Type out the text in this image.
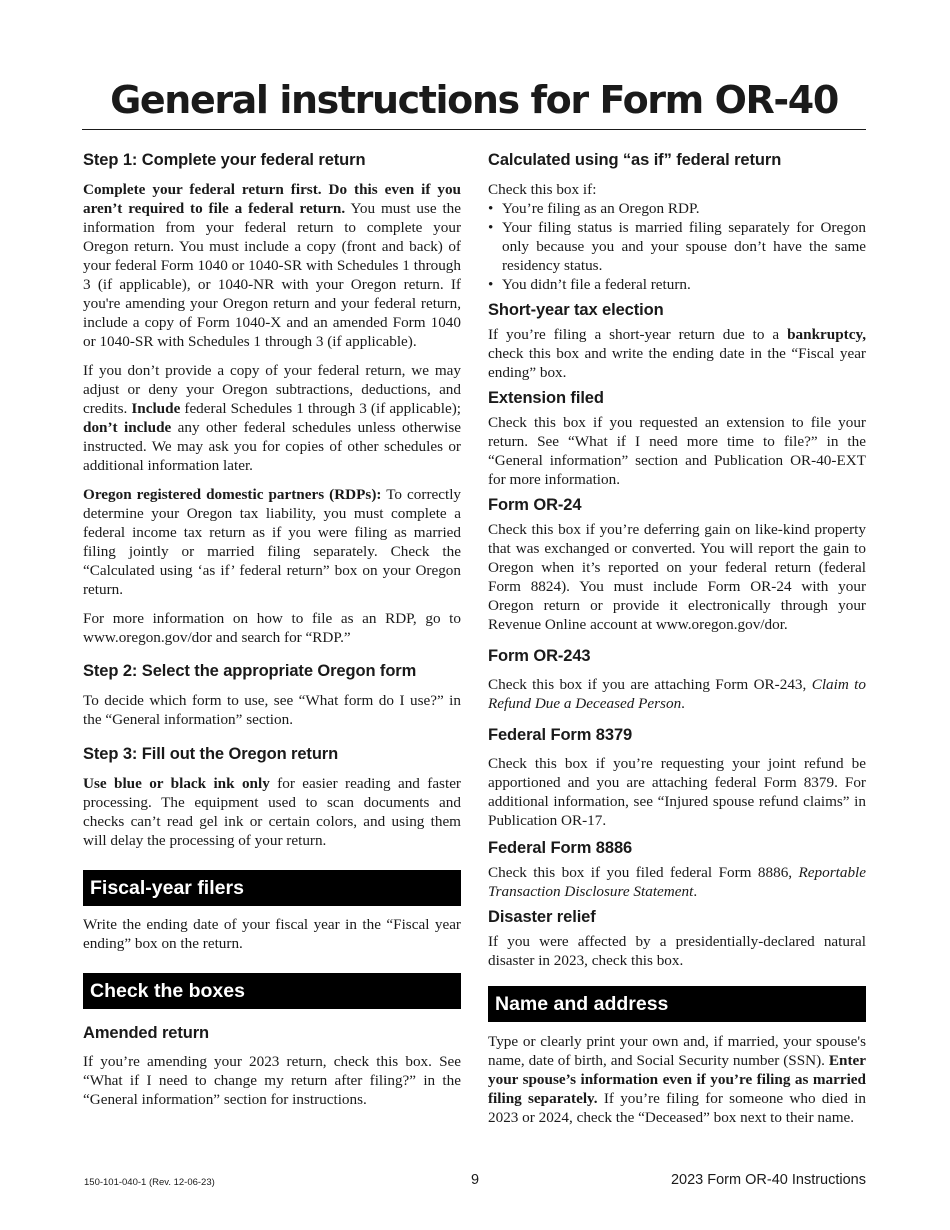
General instructions for Form OR-40
Step 1: Complete your federal return

Complete your federal return first. Do this even if you aren’t required to file a federal return. You must use the information from your federal return to complete your Oregon return. You must include a copy (front and back) of your federal Form 1040 or 1040-SR with Schedules 1 through 3 (if applicable), or 1040-NR with your Oregon return. If you're amending your Oregon return and your federal return, include a copy of Form 1040-X and an amended Form 1040 or 1040-SR with Schedules 1 through 3 (if applicable).

If you don’t provide a copy of your federal return, we may adjust or deny your Oregon subtractions, deductions, and credits. Include federal Schedules 1 through 3 (if applicable); don’t include any other federal schedules unless otherwise instructed. We may ask you for copies of other schedules or additional information later.

Oregon registered domestic partners (RDPs): To correctly determine your Oregon tax liability, you must complete a federal income tax return as if you were filing as married filing jointly or married filing separately. Check the “Calculated using ‘as if’ federal return” box on your Oregon return.

For more information on how to file as an RDP, go to www.oregon.gov/dor and search for “RDP.”

Step 2: Select the appropriate Oregon form

To decide which form to use, see “What form do I use?” in the “General information” section.

Step 3: Fill out the Oregon return

Use blue or black ink only for easier reading and faster processing. The equipment used to scan documents and checks can’t read gel ink or certain colors, and using them will delay the processing of your return.

Fiscal-year filers

Write the ending date of your fiscal year in the “Fiscal year ending” box on the return.

Check the boxes
Amended return

If you’re amending your 2023 return, check this box. See “What if I need to change my return after filing?” in the “General information” section for instructions.

Calculated using “as if” federal return

Check this box if:

• You’re filing as an Oregon RDP.
• Your filing status is married filing separately for Oregon only because you and your spouse don’t have the same residency status.
• You didn’t file a federal return.
Short-year tax election

If you’re filing a short-year return due to a bankruptcy, check this box and write the ending date in the “Fiscal year ending” box.

Extension filed

Check this box if you requested an extension to file your return. See “What if I need more time to file?” in the “General information” section and Publication OR-40-EXT for more information.

Form OR-24

Check this box if you’re deferring gain on like-kind property that was exchanged or converted. You will report the gain to Oregon when it’s reported on your federal return (federal Form 8824). You must include Form OR-24 with your Oregon return or provide it electronically through your Revenue Online account at www.oregon.gov/dor.

Form OR-243

Check this box if you are attaching Form OR-243, Claim to Refund Due a Deceased Person.

Federal Form 8379

Check this box if you’re requesting your joint refund be apportioned and you are attaching federal Form 8379. For additional information, see “Injured spouse refund claims” in Publication OR-17.

Federal Form 8886

Check this box if you filed federal Form 8886, Reportable Transaction Disclosure Statement.

Disaster relief

If you were affected by a presidentially-declared natural disaster in 2023, check this box.

Name and address

Type or clearly print your own and, if married, your spouse's name, date of birth, and Social Security number (SSN). Enter your spouse’s information even if you’re filing as married filing separately. If you’re filing for someone who died in 2023 or 2024, check the “Deceased” box next to their name.

150-101-040-1 (Rev. 12-06-23)	9	2023 Form OR-40 Instructions
